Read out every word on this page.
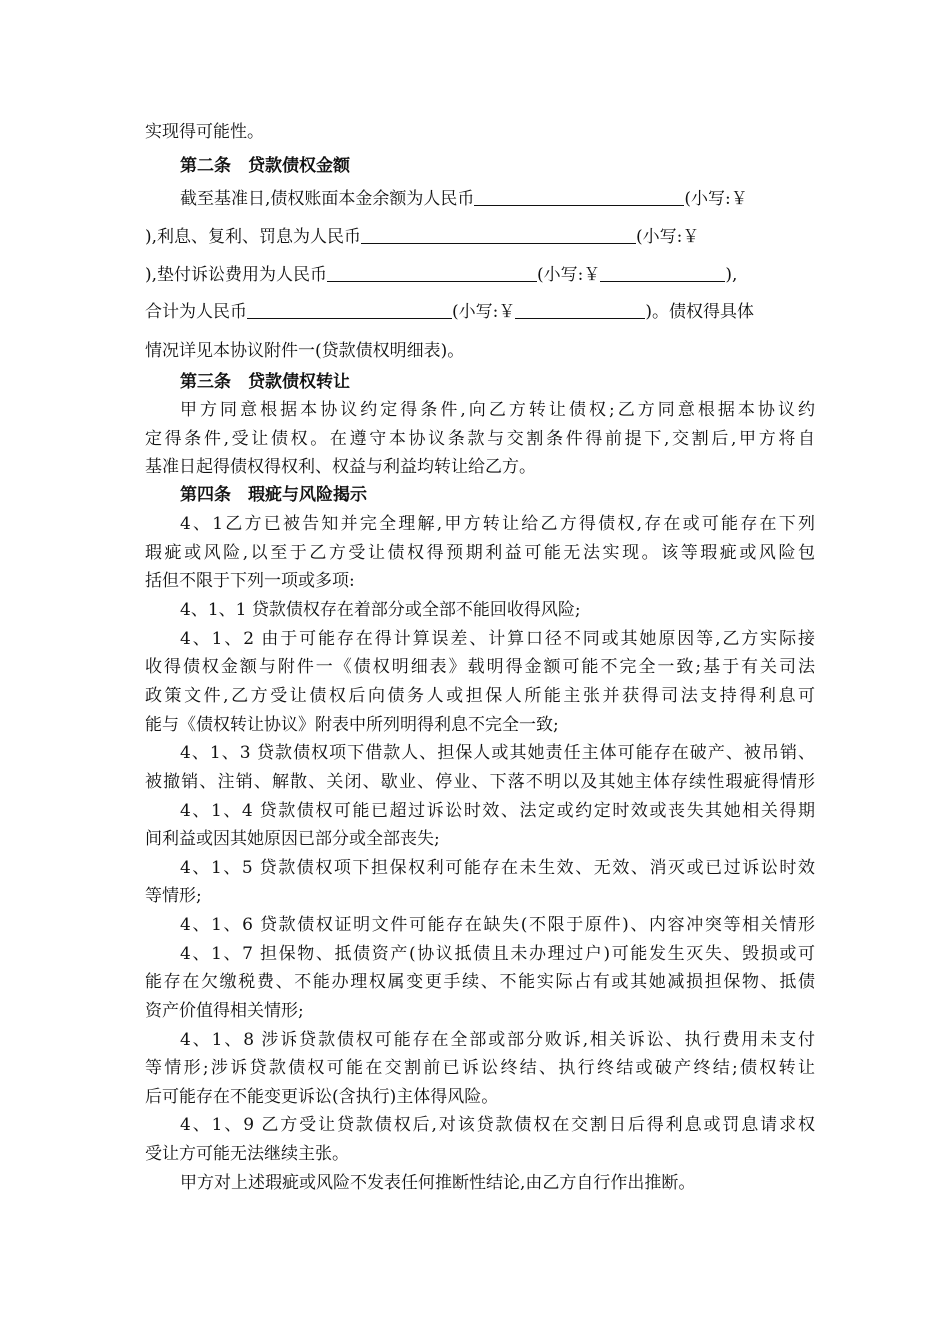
实现得可能性。
第二条　贷款债权金额
截至基准日,债权账面本金余额为人民币	(小写:￥
),利息、复利、罚息为人民币	(小写:￥
),垫付诉讼费用为人民币	(小写:￥	),
合计为人民币	(小写:￥	)。债权得具体
情况详见本协议附件一(贷款债权明细表)。
第三条　贷款债权转让
甲方同意根据本协议约定得条件,向乙方转让债权;乙方同意根据本协议约
定得条件,受让债权。在遵守本协议条款与交割条件得前提下,交割后,甲方将自
基准日起得债权得权利、权益与利益均转让给乙方。
第四条　瑕疵与风险揭示
4、1乙方已被告知并完全理解,甲方转让给乙方得债权,存在或可能存在下列
瑕疵或风险,以至于乙方受让债权得预期利益可能无法实现。该等瑕疵或风险包
括但不限于下列一项或多项:
4、1、1 贷款债权存在着部分或全部不能回收得风险;
4、1、2 由于可能存在得计算误差、计算口径不同或其她原因等,乙方实际接
收得债权金额与附件一《债权明细表》载明得金额可能不完全一致;基于有关司法
政策文件,乙方受让债权后向债务人或担保人所能主张并获得司法支持得利息可
能与《债权转让协议》附表中所列明得利息不完全一致;
4、1、3 贷款债权项下借款人、担保人或其她责任主体可能存在破产、被吊销、
被撤销、注销、解散、关闭、歇业、停业、下落不明以及其她主体存续性瑕疵得情形
4、1、4 贷款债权可能已超过诉讼时效、法定或约定时效或丧失其她相关得期
间利益或因其她原因已部分或全部丧失;
4、1、5 贷款债权项下担保权利可能存在未生效、无效、消灭或已过诉讼时效
等情形;
4、1、6 贷款债权证明文件可能存在缺失(不限于原件)、内容冲突等相关情形
4、1、7 担保物、抵债资产(协议抵债且未办理过户)可能发生灭失、毁损或可
能存在欠缴税费、不能办理权属变更手续、不能实际占有或其她减损担保物、抵债
资产价值得相关情形;
4、1、8 涉诉贷款债权可能存在全部或部分败诉,相关诉讼、执行费用未支付
等情形;涉诉贷款债权可能在交割前已诉讼终结、执行终结或破产终结;债权转让
后可能存在不能变更诉讼(含执行)主体得风险。
4、1、9 乙方受让贷款债权后,对该贷款债权在交割日后得利息或罚息请求权
受让方可能无法继续主张。
甲方对上述瑕疵或风险不发表任何推断性结论,由乙方自行作出推断。
